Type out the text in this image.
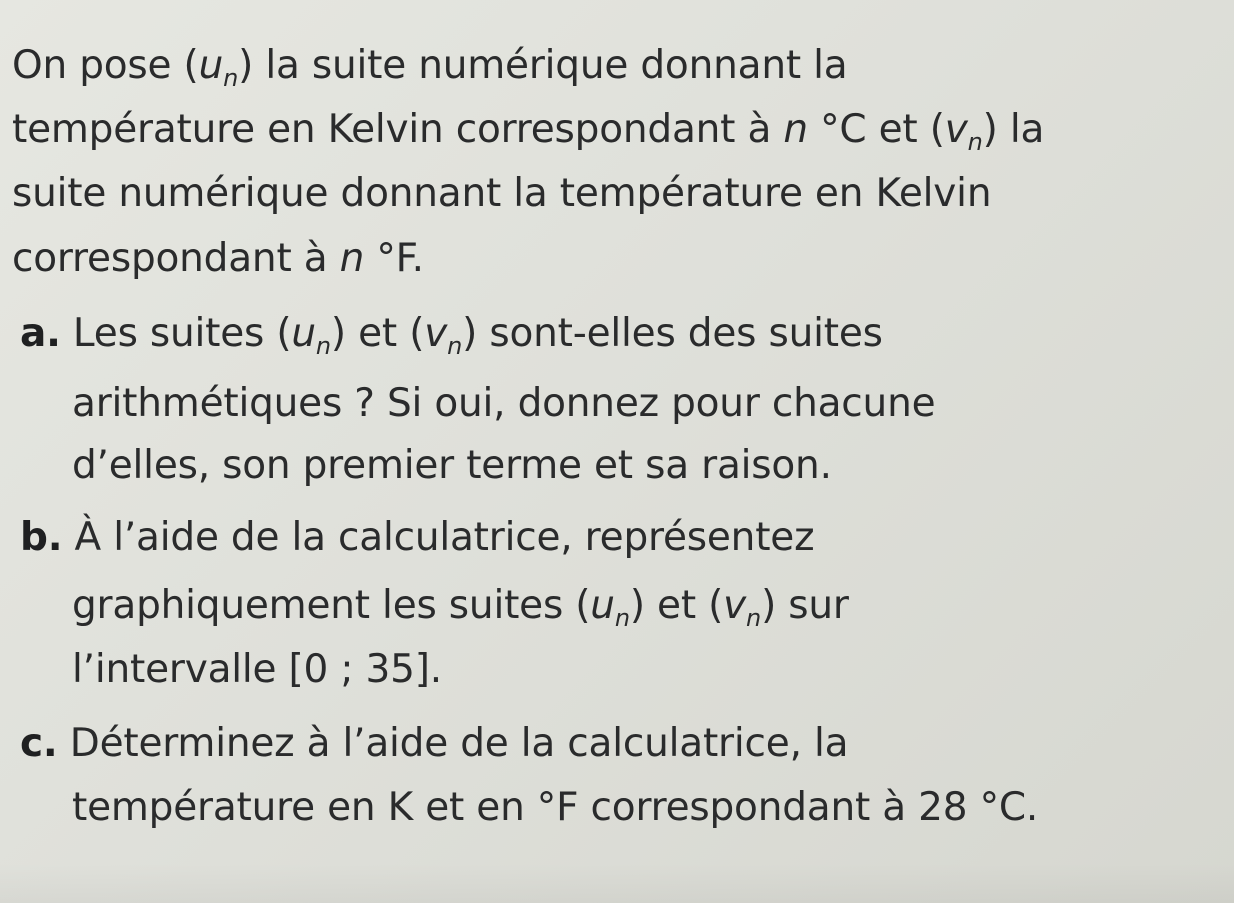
On pose $(u_n)$ la suite numérique donnant la
température en Kelvin correspondant à n °C et $(v_n)$ la
suite numérique donnant la température en Kelvin
correspondant à n °F.
a. Les suites $(u_n)$ et $(v_n)$ sont-elles des suites
arithmétiques ? Si oui, donnez pour chacune
d’elles, son premier terme et sa raison.
b. À l’aide de la calculatrice, représentez
graphiquement les suites $(u_n)$ et $(v_n)$ sur
l’intervalle [0 ; 35].
c. Déterminez à l’aide de la calculatrice, la
température en K et en °F correspondant à 28 °C.
